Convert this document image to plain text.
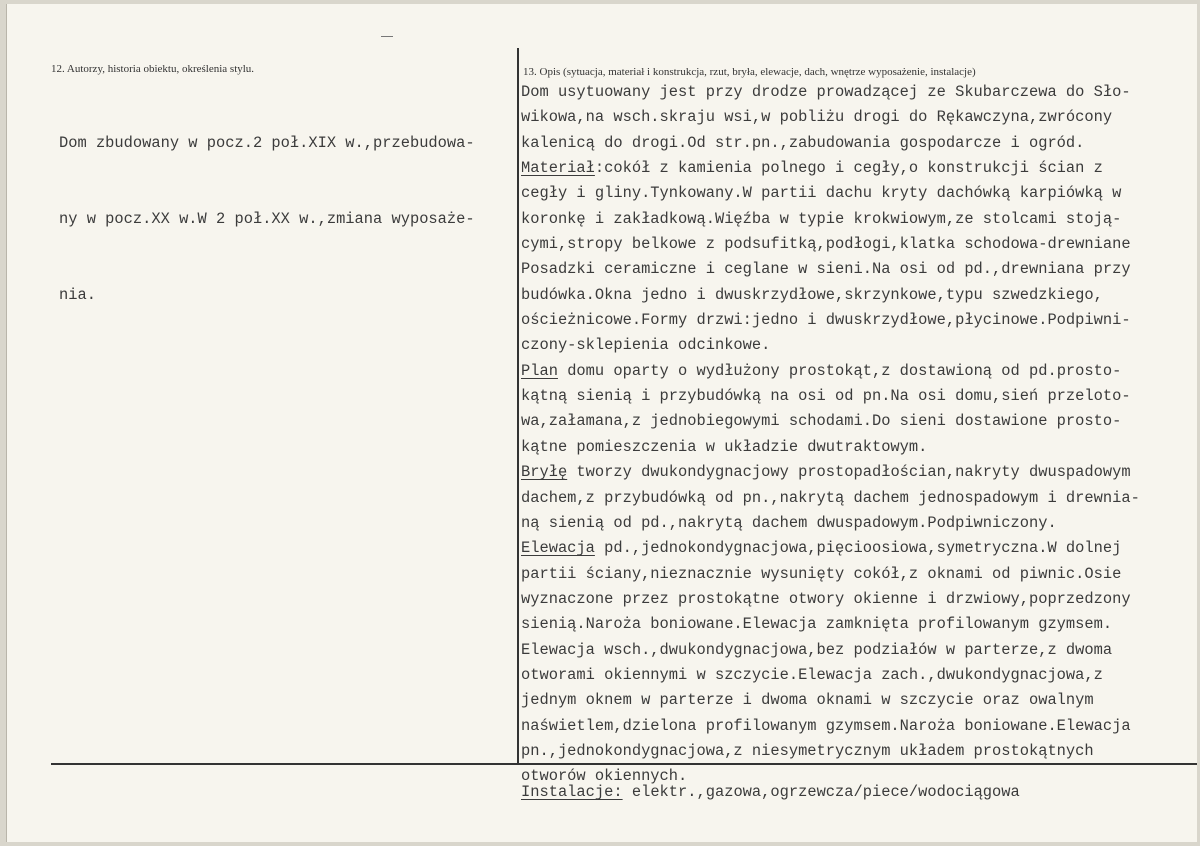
12. Autorzy, historia obiektu, określenia stylu.	13. Opis (sytuacja, materiał i konstrukcja, rzut, bryła, elewacje, dach, wnętrze wyposażenie, instalacje)

Dom zbudowany w pocz.2 poł.XIX w.,przebudowa-

ny w pocz.XX w.W 2 poł.XX w.,zmiana wyposaże-

nia.

Dom usytuowany jest przy drodze prowadzącej ze Skubarczewa do Sło-
wikowa,na wsch.skraju wsi,w pobliżu drogi do Rękawczyna,zwrócony
kalenicą do drogi.Od str.pn.,zabudowania gospodarcze i ogród.
Materiał:cokół z kamienia polnego i cegły,o konstrukcji ścian z
cegły i gliny.Tynkowany.W partii dachu kryty dachówką karpiówką w
koronkę i zakładkową.Więźba w typie krokwiowym,ze stolcami stoją-
cymi,stropy belkowe z podsufitką,podłogi,klatka schodowa-drewniane
Posadzki ceramiczne i ceglane w sieni.Na osi od pd.,drewniana przy
budówka.Okna jedno i dwuskrzydłowe,skrzynkowe,typu szwedzkiego,
ościeżnicowe.Formy drzwi:jedno i dwuskrzydłowe,płycinowe.Podpiwni-
czony-sklepienia odcinkowe.
Plan domu oparty o wydłużony prostokąt,z dostawioną od pd.prosto-
kątną sienią i przybudówką na osi od pn.Na osi domu,sień przeloto-
wa,załamana,z jednobiegowymi schodami.Do sieni dostawione prosto-
kątne pomieszczenia w układzie dwutraktowym.
Bryłę tworzy dwukondygnacjowy prostopadłościan,nakryty dwuspadowym
dachem,z przybudówką od pn.,nakrytą dachem jednospadowym i drewnia-
ną sienią od pd.,nakrytą dachem dwuspadowym.Podpiwniczony.
Elewacja pd.,jednokondygnacjowa,pięcioosiowa,symetryczna.W dolnej
partii ściany,nieznacznie wysunięty cokół,z oknami od piwnic.Osie
wyznaczone przez prostokątne otwory okienne i drzwiowy,poprzedzony
sienią.Naroża boniowane.Elewacja zamknięta profilowanym gzymsem.
Elewacja wsch.,dwukondygnacjowa,bez podziałów w parterze,z dwoma
otworami okiennymi w szczycie.Elewacja zach.,dwukondygnacjowa,z
jednym oknem w parterze i dwoma oknami w szczycie oraz owalnym
naświetlem,dzielona profilowanym gzymsem.Naroża boniowane.Elewacja
pn.,jednokondygnacjowa,z niesymetrycznym układem prostokątnych
otworów okiennych.
Instalacje: elektr.,gazowa,ogrzewcza/piece/wodociągowa
